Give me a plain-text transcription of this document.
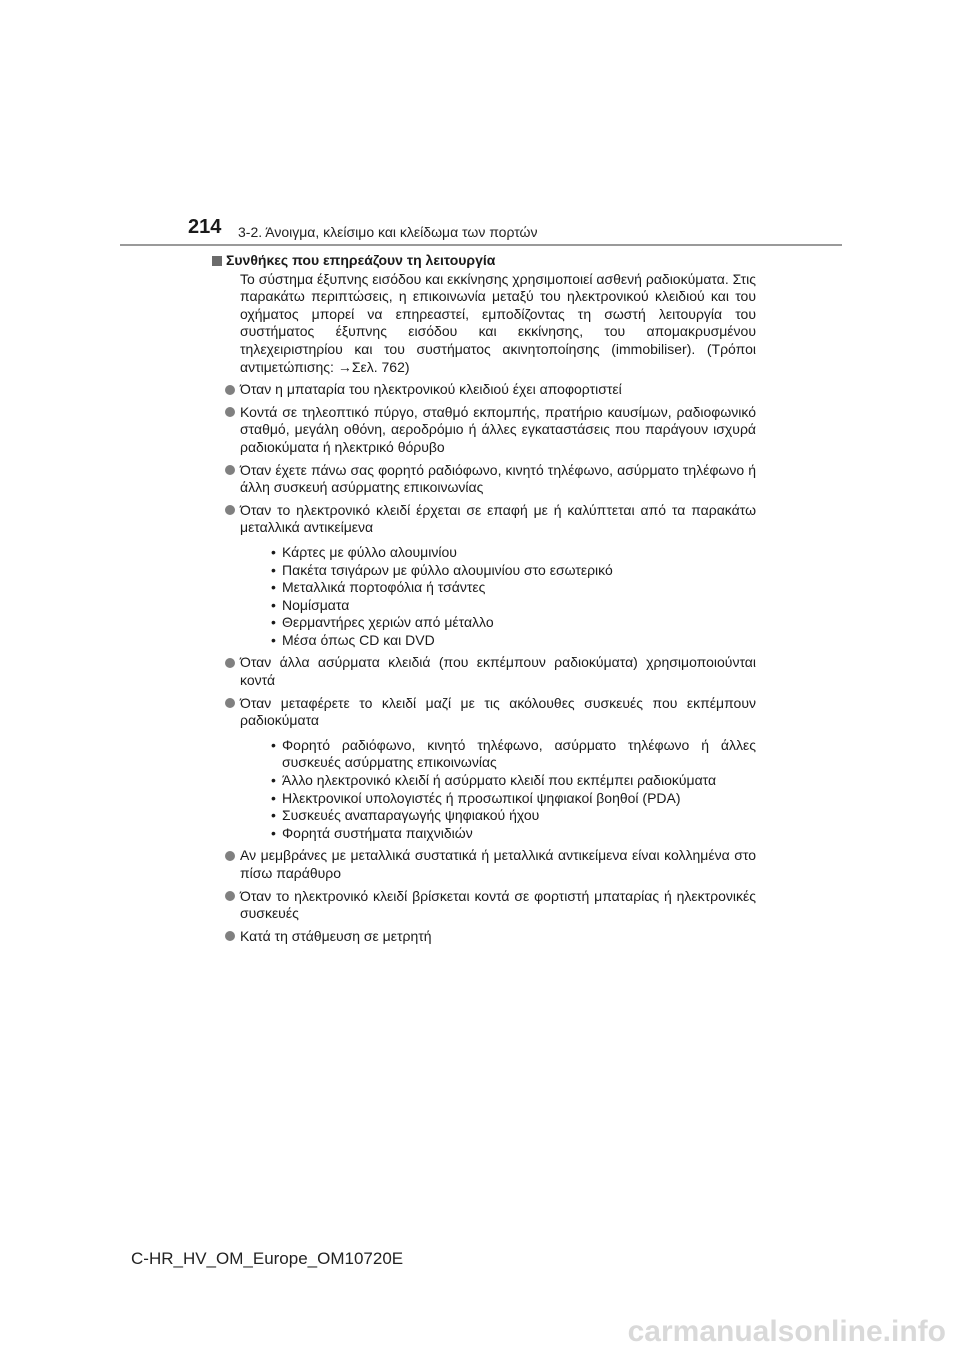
214 3-2. Άνοιγμα, κλείσιμο και κλείδωμα των πορτών
Συνθήκες που επηρεάζουν τη λειτουργία
Το σύστημα έξυπνης εισόδου και εκκίνησης χρησιμοποιεί ασθενή ραδιοκύματα. Στις παρακάτω περιπτώσεις, η επικοινωνία μεταξύ του ηλεκτρονικού κλειδιού και του οχήματος μπορεί να επηρεαστεί, εμποδίζοντας τη σωστή λειτουργία του συστήματος έξυπνης εισόδου και εκκίνησης, του απομακρυσμένου τηλεχειριστηρίου και του συστήματος ακινητοποίησης (immobiliser). (Τρόποι αντιμετώπισης: →Σελ. 762)
Όταν η μπαταρία του ηλεκτρονικού κλειδιού έχει αποφορτιστεί
Κοντά σε τηλεοπτικό πύργο, σταθμό εκπομπής, πρατήριο καυσίμων, ραδιοφωνικό σταθμό, μεγάλη οθόνη, αεροδρόμιο ή άλλες εγκαταστάσεις που παράγουν ισχυρά ραδιοκύματα ή ηλεκτρικό θόρυβο
Όταν έχετε πάνω σας φορητό ραδιόφωνο, κινητό τηλέφωνο, ασύρματο τηλέφωνο ή άλλη συσκευή ασύρματης επικοινωνίας
Όταν το ηλεκτρονικό κλειδί έρχεται σε επαφή με ή καλύπτεται από τα παρακάτω μεταλλικά αντικείμενα
• Κάρτες με φύλλο αλουμινίου
• Πακέτα τσιγάρων με φύλλο αλουμινίου στο εσωτερικό
• Μεταλλικά πορτοφόλια ή τσάντες
• Νομίσματα
• Θερμαντήρες χεριών από μέταλλο
• Μέσα όπως CD και DVD
Όταν άλλα ασύρματα κλειδιά (που εκπέμπουν ραδιοκύματα) χρησιμοποιούνται κοντά
Όταν μεταφέρετε το κλειδί μαζί με τις ακόλουθες συσκευές που εκπέμπουν ραδιοκύματα
• Φορητό ραδιόφωνο, κινητό τηλέφωνο, ασύρματο τηλέφωνο ή άλλες συσκευές ασύρματης επικοινωνίας
• Άλλο ηλεκτρονικό κλειδί ή ασύρματο κλειδί που εκπέμπει ραδιοκύματα
• Ηλεκτρονικοί υπολογιστές ή προσωπικοί ψηφιακοί βοηθοί (PDA)
• Συσκευές αναπαραγωγής ψηφιακού ήχου
• Φορητά συστήματα παιχνιδιών
Αν μεμβράνες με μεταλλικά συστατικά ή μεταλλικά αντικείμενα είναι κολλημένα στο πίσω παράθυρο
Όταν το ηλεκτρονικό κλειδί βρίσκεται κοντά σε φορτιστή μπαταρίας ή ηλεκτρονικές συσκευές
Κατά τη στάθμευση σε μετρητή
C-HR_HV_OM_Europe_OM10720E
carmanualsonline.info
